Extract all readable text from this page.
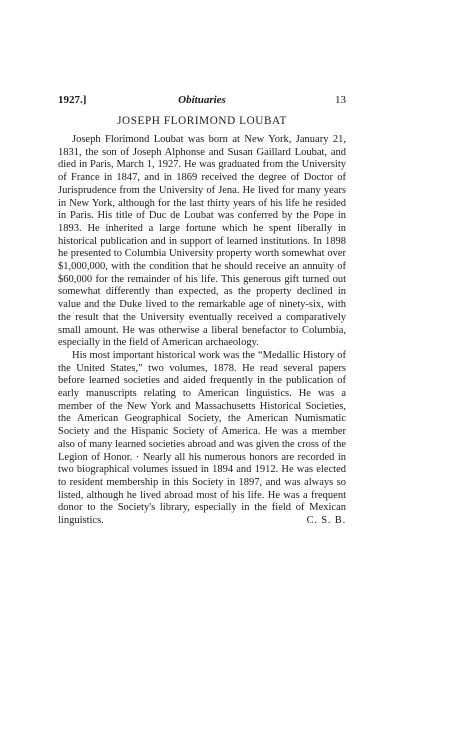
1927.]	Obituaries	13
JOSEPH FLORIMOND LOUBAT

Joseph Florimond Loubat was born at New York, January 21, 1831, the son of Joseph Alphonse and Susan Gaillard Loubat, and died in Paris, March 1, 1927. He was graduated from the University of France in 1847, and in 1869 received the degree of Doctor of Jurisprudence from the University of Jena. He lived for many years in New York, although for the last thirty years of his life he resided in Paris. His title of Duc de Loubat was conferred by the Pope in 1893. He inherited a large fortune which he spent liberally in historical publication and in support of learned institutions. In 1898 he presented to Columbia University property worth somewhat over $1,000,000, with the condition that he should receive an annuity of $60,000 for the remainder of his life. This generous gift turned out somewhat differently than expected, as the property declined in value and the Duke lived to the remarkable age of ninety-six, with the result that the University eventually received a comparatively small amount. He was otherwise a liberal benefactor to Columbia, especially in the field of American archaeology.

His most important historical work was the “Medallic History of the United States,” two volumes, 1878. He read several papers before learned societies and aided frequently in the publication of early manuscripts relating to American linguistics. He was a member of the New York and Massachusetts Historical Societies, the American Geographical Society, the American Numismatic Society and the Hispanic Society of America. He was a member also of many learned societies abroad and was given the cross of the Legion of Honor. · Nearly all his numerous honors are recorded in two biographical volumes issued in 1894 and 1912. He was elected to resident membership in this Society in 1897, and was always so listed, although he lived abroad most of his life. He was a frequent donor to the Society's library, especially in the field of Mexican linguistics.	C. S. B.
